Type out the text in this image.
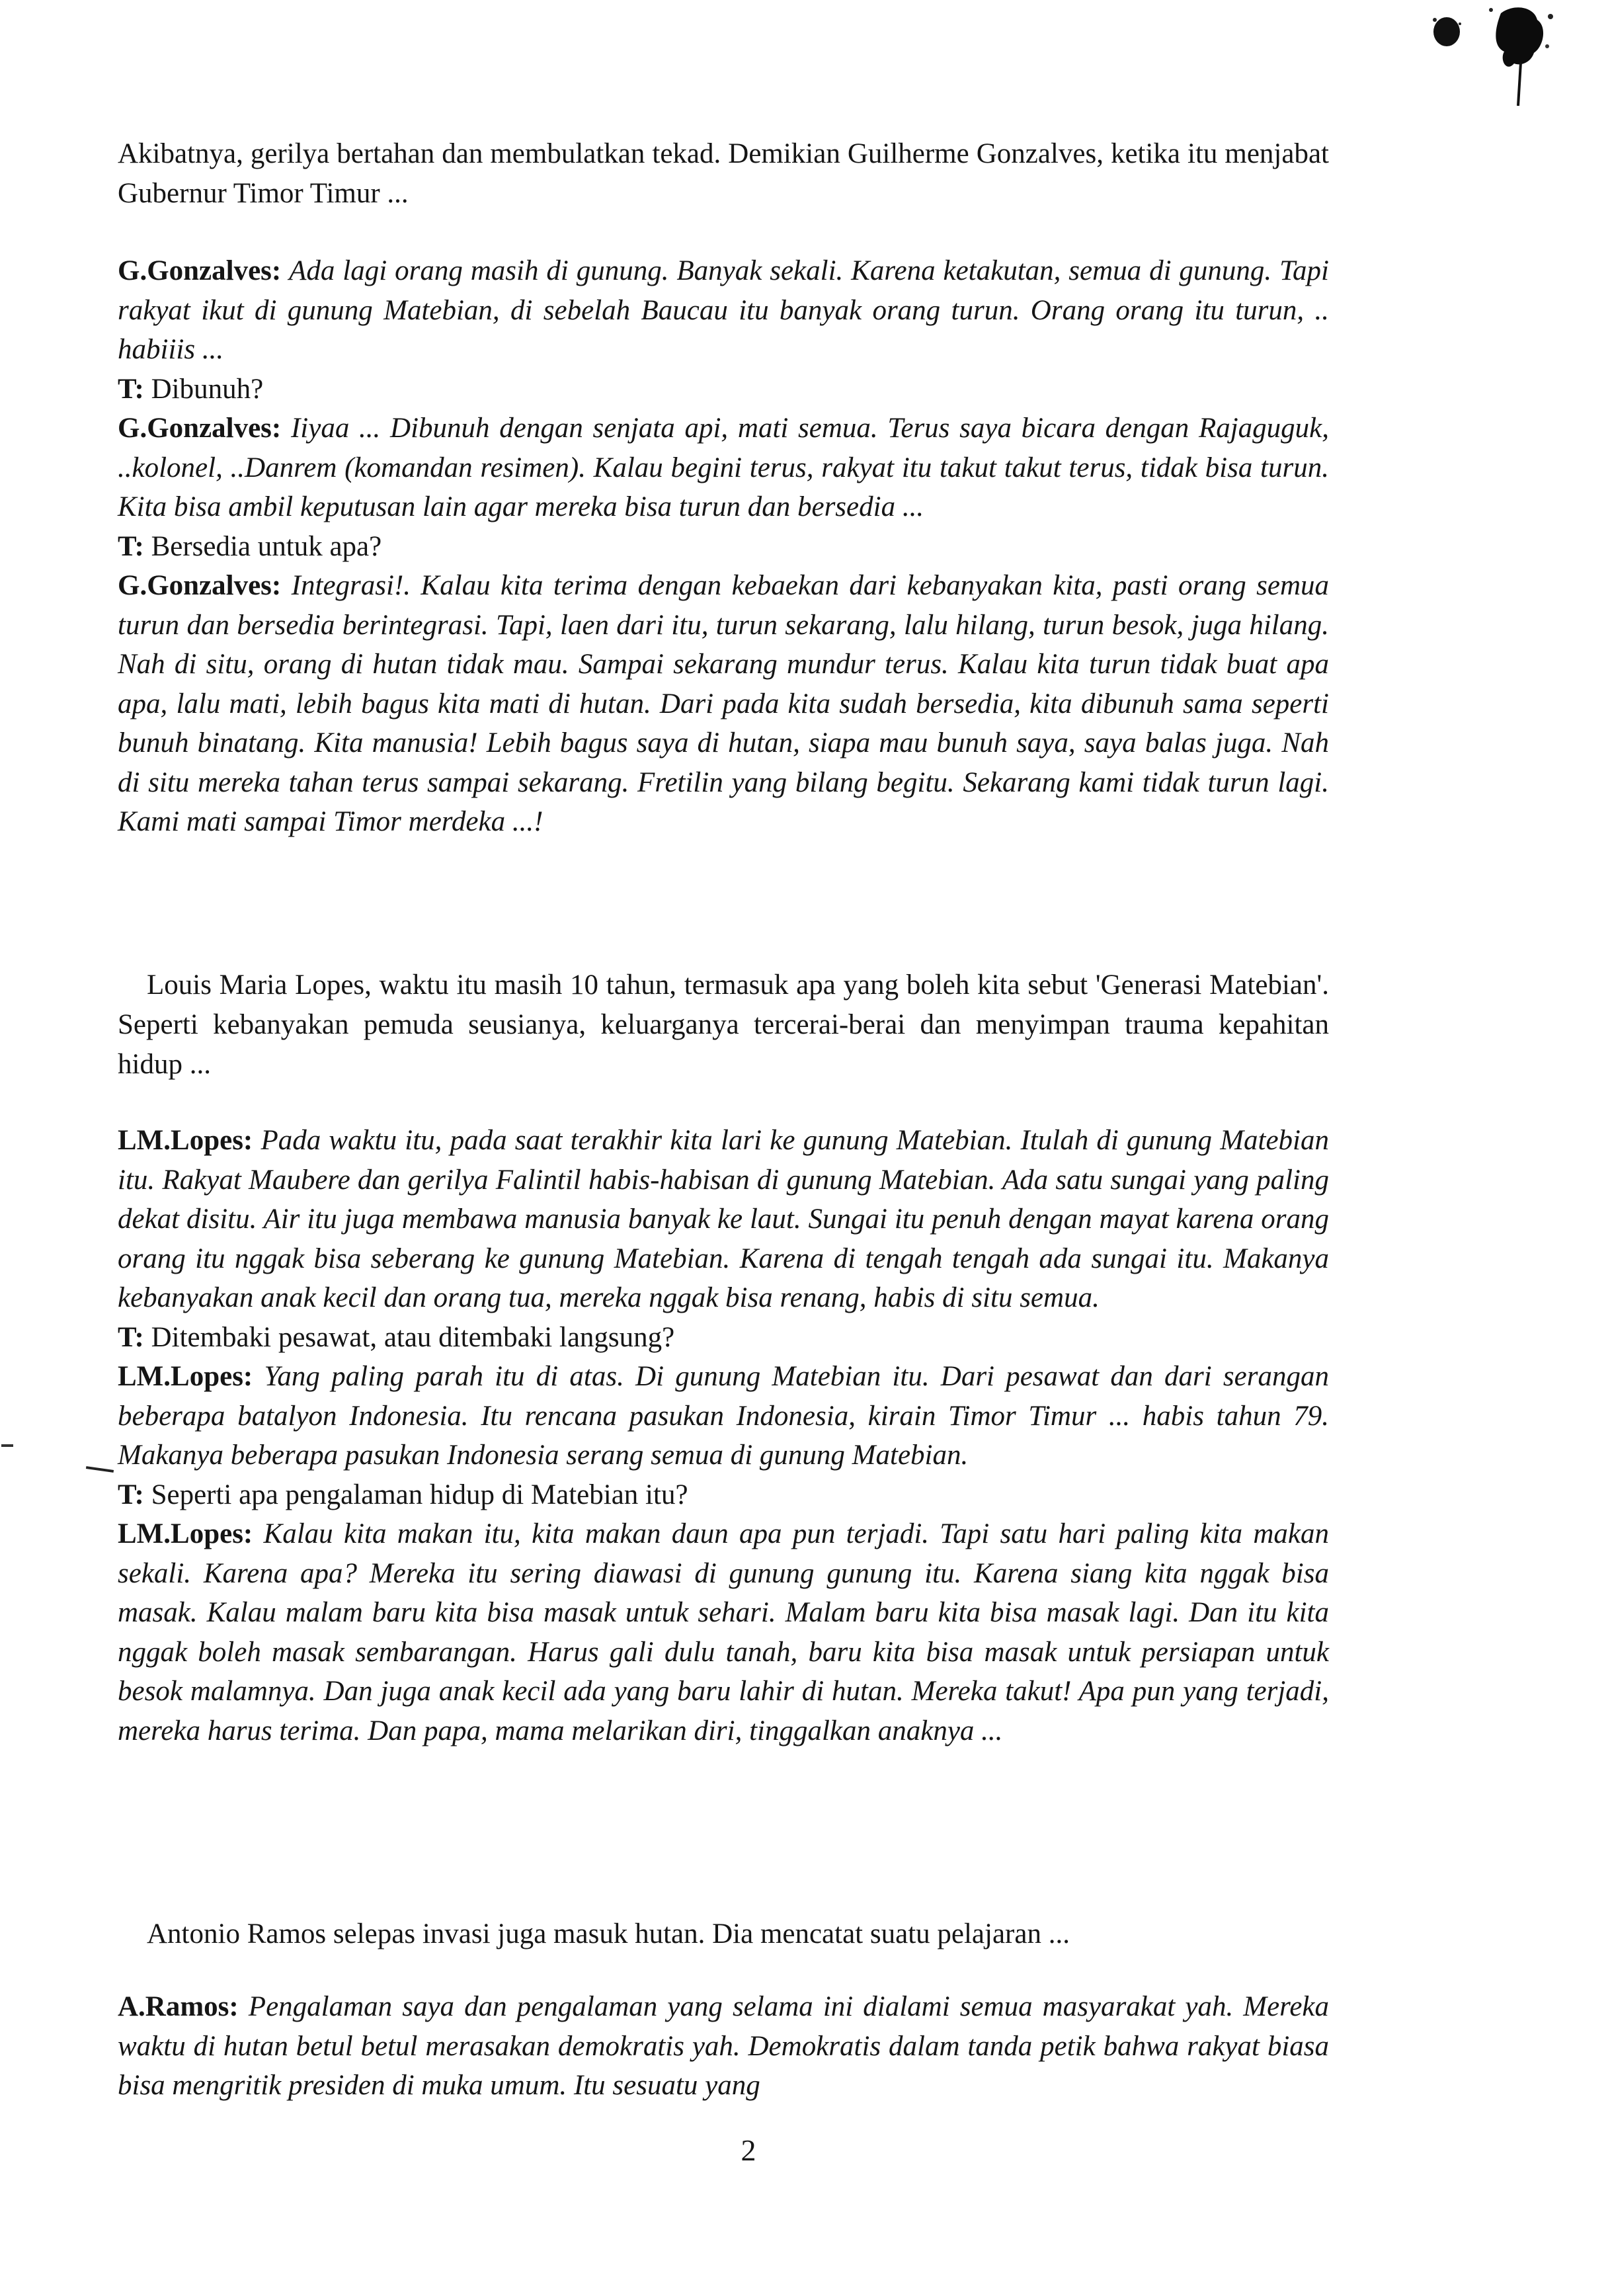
Akibatnya, gerilya bertahan dan membulatkan tekad. Demikian Guilherme Gonzalves, ketika itu menjabat Gubernur Timor Timur ...

G.Gonzalves: Ada lagi orang masih di gunung. Banyak sekali. Karena ketakutan, semua di gunung. Tapi rakyat ikut di gunung Matebian, di sebelah Baucau itu banyak orang turun. Orang orang itu turun, .. habiiis ...
T: Dibunuh?
G.Gonzalves: Iiyaa ... Dibunuh dengan senjata api, mati semua. Terus saya bicara dengan Rajaguguk, ..kolonel, ..Danrem (komandan resimen). Kalau begini terus, rakyat itu takut takut terus, tidak bisa turun. Kita bisa ambil keputusan lain agar mereka bisa turun dan bersedia ...
T: Bersedia untuk apa?
G.Gonzalves: Integrasi!. Kalau kita terima dengan kebaekan dari kebanyakan kita, pasti orang semua turun dan bersedia berintegrasi. Tapi, laen dari itu, turun sekarang, lalu hilang, turun besok, juga hilang. Nah di situ, orang di hutan tidak mau. Sampai sekarang mundur terus. Kalau kita turun tidak buat apa apa, lalu mati, lebih bagus kita mati di hutan. Dari pada kita sudah bersedia, kita dibunuh sama seperti bunuh binatang. Kita manusia! Lebih bagus saya di hutan, siapa mau bunuh saya, saya balas juga. Nah di situ mereka tahan terus sampai sekarang. Fretilin yang bilang begitu. Sekarang kami tidak turun lagi. Kami mati sampai Timor merdeka ...!

Louis Maria Lopes, waktu itu masih 10 tahun, termasuk apa yang boleh kita sebut 'Generasi Matebian'. Seperti kebanyakan pemuda seusianya, keluarganya tercerai-berai dan menyimpan trauma kepahitan hidup ...

LM.Lopes: Pada waktu itu, pada saat terakhir kita lari ke gunung Matebian. Itulah di gunung Matebian itu. Rakyat Maubere dan gerilya Falintil habis-habisan di gunung Matebian. Ada satu sungai yang paling dekat disitu. Air itu juga membawa manusia banyak ke laut. Sungai itu penuh dengan mayat karena orang orang itu nggak bisa seberang ke gunung Matebian. Karena di tengah tengah ada sungai itu. Makanya kebanyakan anak kecil dan orang tua, mereka nggak bisa renang, habis di situ semua.
T: Ditembaki pesawat, atau ditembaki langsung?
LM.Lopes: Yang paling parah itu di atas. Di gunung Matebian itu. Dari pesawat dan dari serangan beberapa batalyon Indonesia. Itu rencana pasukan Indonesia, kirain Timor Timur ... habis tahun 79. Makanya beberapa pasukan Indonesia serang semua di gunung Matebian.
T: Seperti apa pengalaman hidup di Matebian itu?
LM.Lopes: Kalau kita makan itu, kita makan daun apa pun terjadi. Tapi satu hari paling kita makan sekali. Karena apa? Mereka itu sering diawasi di gunung gunung itu. Karena siang kita nggak bisa masak. Kalau malam baru kita bisa masak untuk sehari. Malam baru kita bisa masak lagi. Dan itu kita nggak boleh masak sembarangan. Harus gali dulu tanah, baru kita bisa masak untuk persiapan untuk besok malamnya. Dan juga anak kecil ada yang baru lahir di hutan. Mereka takut! Apa pun yang terjadi, mereka harus terima. Dan papa, mama melarikan diri, tinggalkan anaknya ...

Antonio Ramos selepas invasi juga masuk hutan. Dia mencatat suatu pelajaran ...

A.Ramos: Pengalaman saya dan pengalaman yang selama ini dialami semua masyarakat yah. Mereka waktu di hutan betul betul merasakan demokratis yah. Demokratis dalam tanda petik bahwa rakyat biasa bisa mengritik presiden di muka umum. Itu sesuatu yang

2
